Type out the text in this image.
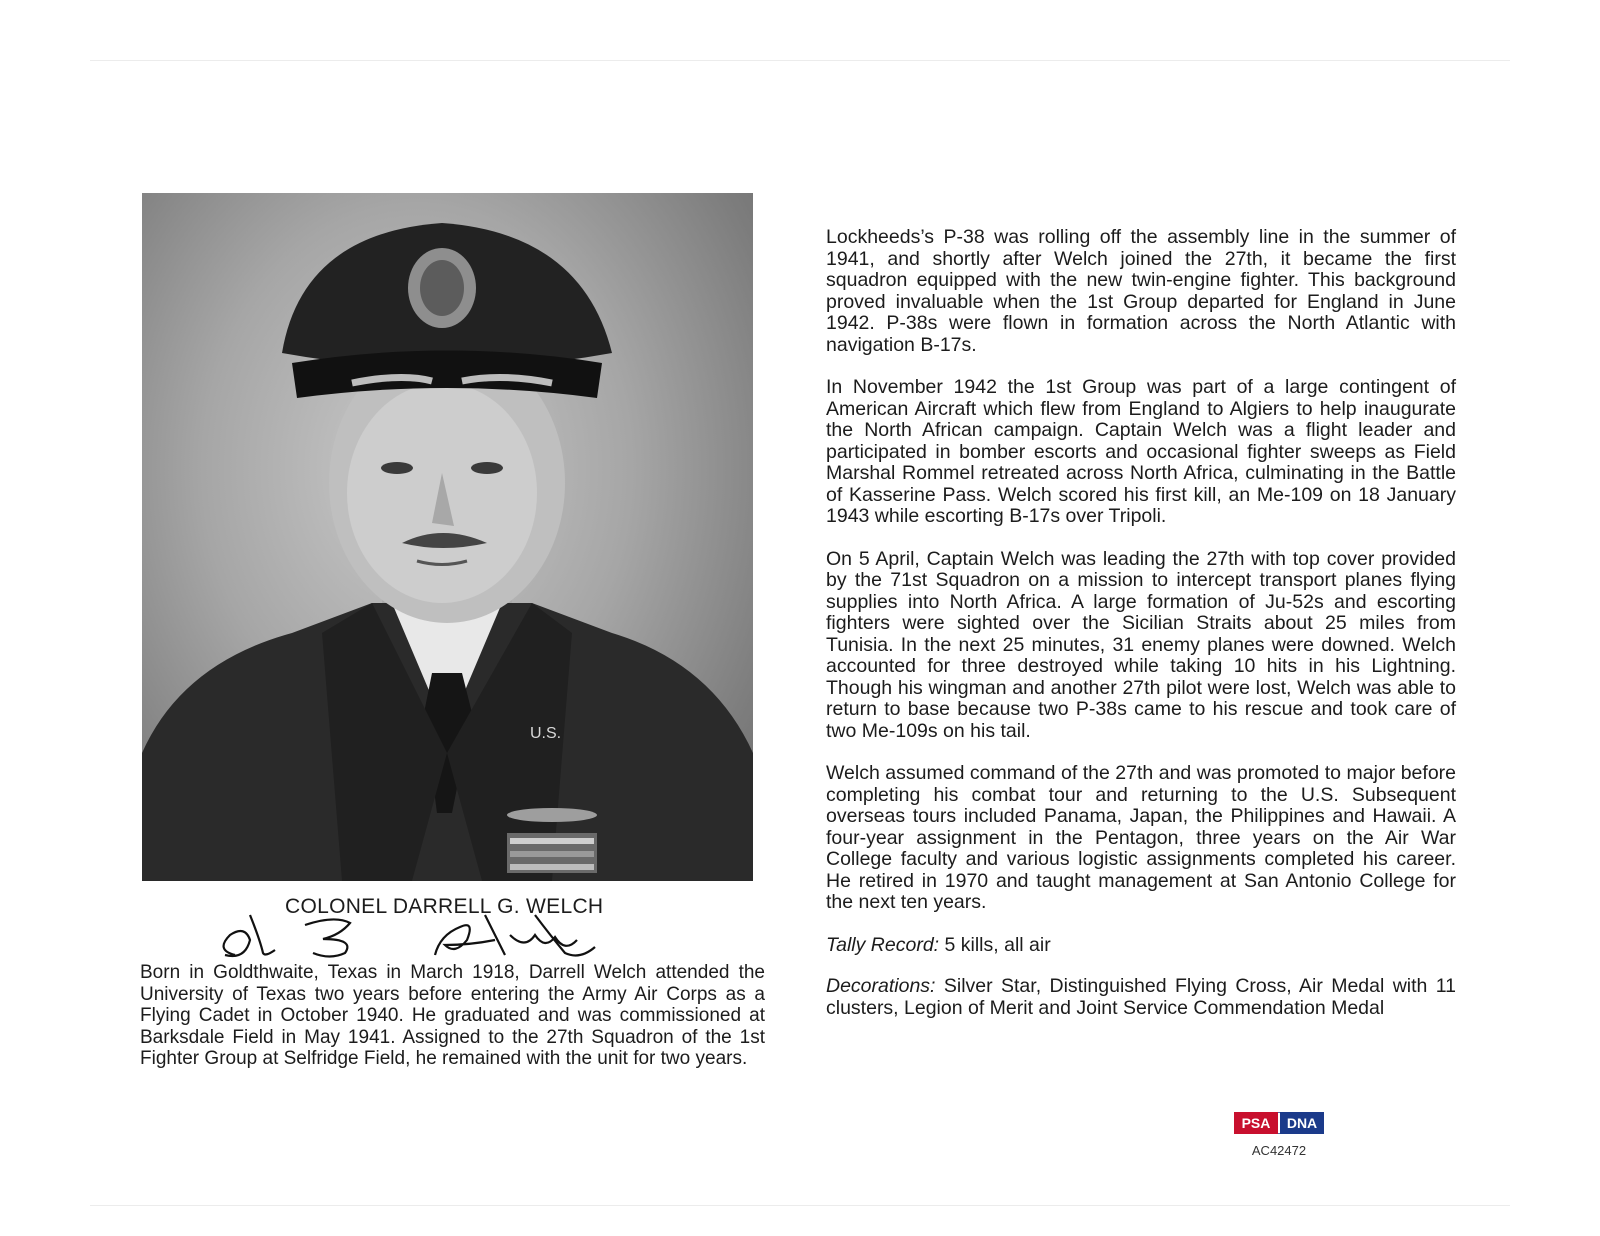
U.S.
COLONEL DARRELL G. WELCH
Born in Goldthwaite, Texas in March 1918, Darrell Welch attended the University of Texas two years before entering the Army Air Corps as a Flying Cadet in October 1940. He graduated and was commissioned at Barksdale Field in May 1941. Assigned to the 27th Squadron of the 1st Fighter Group at Selfridge Field, he remained with the unit for two years.

Lockheeds’s P-38 was rolling off the assembly line in the summer of 1941, and shortly after Welch joined the 27th, it became the first squadron equipped with the new twin-engine fighter. This background proved invaluable when the 1st Group departed for England in June 1942. P-38s were flown in formation across the North Atlantic with navigation B-17s.

In November 1942 the 1st Group was part of a large contingent of American Aircraft which flew from England to Algiers to help inaugurate the North African campaign. Captain Welch was a flight leader and participated in bomber escorts and occasional fighter sweeps as Field Marshal Rommel retreated across North Africa, culminating in the Battle of Kasserine Pass. Welch scored his first kill, an Me-109 on 18 January 1943 while escorting B-17s over Tripoli.

On 5 April, Captain Welch was leading the 27th with top cover provided by the 71st Squadron on a mission to intercept transport planes flying supplies into North Africa. A large formation of Ju-52s and escorting fighters were sighted over the Sicilian Straits about 25 miles from Tunisia. In the next 25 minutes, 31 enemy planes were downed. Welch accounted for three destroyed while taking 10 hits in his Lightning. Though his wingman and another 27th pilot were lost, Welch was able to return to base because two P-38s came to his rescue and took care of two Me-109s on his tail.

Welch assumed command of the 27th and was promoted to major before completing his combat tour and returning to the U.S. Subsequent overseas tours included Panama, Japan, the Philippines and Hawaii. A four-year assignment in the Pentagon, three years on the Air War College faculty and various logistic assignments completed his career. He retired in 1970 and taught management at San Antonio College for the next ten years.

Tally Record: 5 kills, all air

Decorations: Silver Star, Distinguished Flying Cross, Air Medal with 11 clusters, Legion of Merit and Joint Service Commendation Medal

PSA DNA
AC42472
